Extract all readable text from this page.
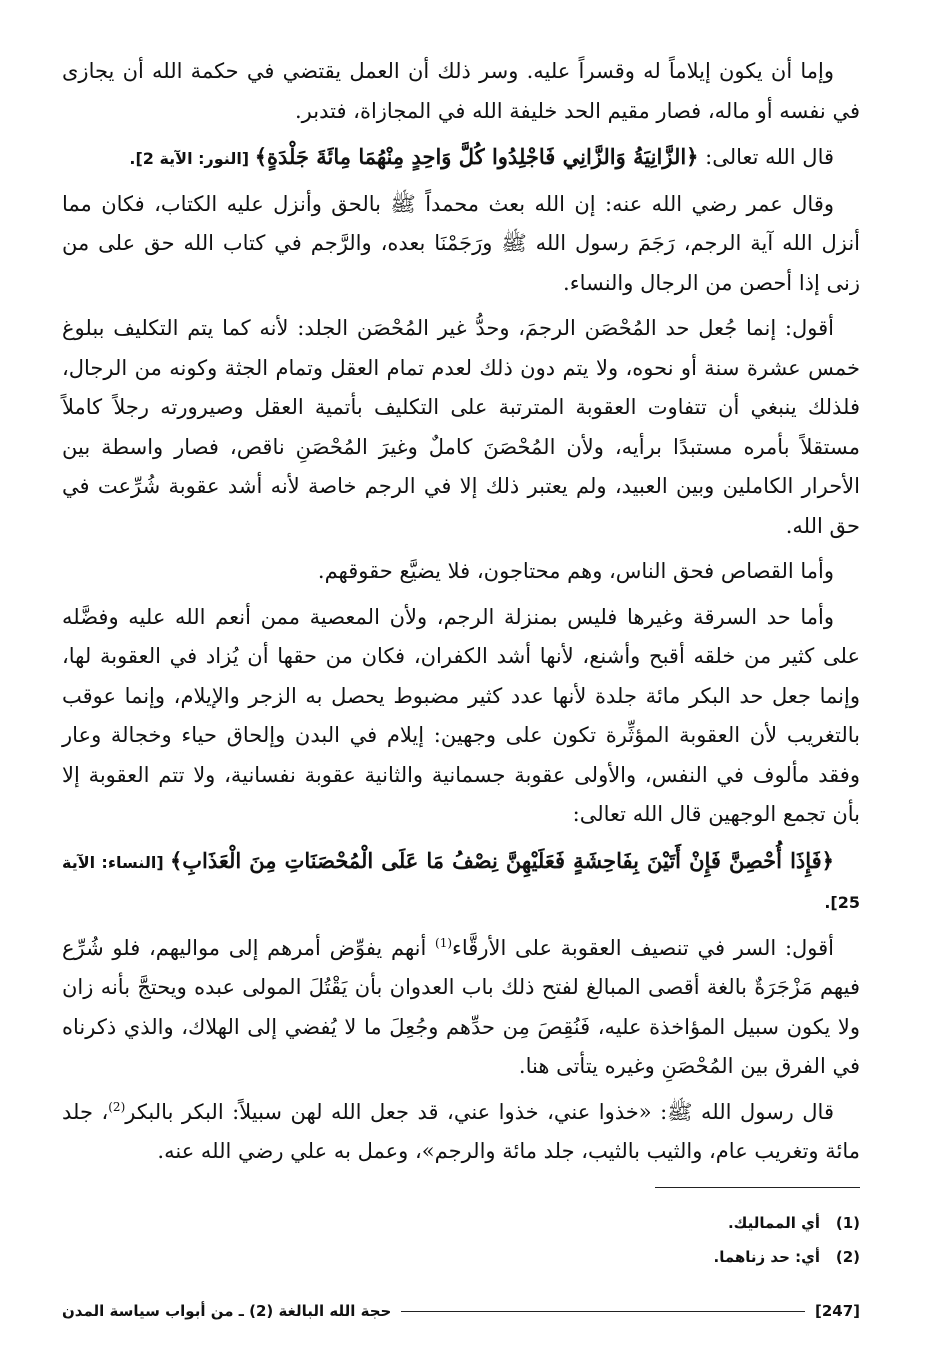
وإما أن يكون إيلاماً له وقسراً عليه. وسر ذلك أن العمل يقتضي في حكمة الله أن يجازى في نفسه أو ماله، فصار مقيم الحد خليفة الله في المجازاة، فتدبر.

قال الله تعالى: ﴿الزَّانِيَةُ وَالزَّانِي فَاجْلِدُوا كُلَّ وَاحِدٍ مِنْهُمَا مِائَةَ جَلْدَةٍ﴾ [النور: الآية 2].

وقال عمر رضي الله عنه: إن الله بعث محمداً ﷺ بالحق وأنزل عليه الكتاب، فكان مما أنزل الله آية الرجم، رَجَمَ رسول الله ﷺ ورَجَمْنَا بعده، والرَّجم في كتاب الله حق على من زنى إذا أحصن من الرجال والنساء.

أقول: إنما جُعل حد المُحْصَن الرجمَ، وحدُّ غير المُحْصَن الجلد: لأنه كما يتم التكليف ببلوغ خمس عشرة سنة أو نحوه، ولا يتم دون ذلك لعدم تمام العقل وتمام الجثة وكونه من الرجال، فلذلك ينبغي أن تتفاوت العقوبة المترتبة على التكليف بأتمية العقل وصيرورته رجلاً كاملاً مستقلاً بأمره مستبدًا برأيه، ولأن المُحْصَنَ كاملٌ وغيرَ المُحْصَنِ ناقص، فصار واسطة بين الأحرار الكاملين وبين العبيد، ولم يعتبر ذلك إلا في الرجم خاصة لأنه أشد عقوبة شُرِّعت في حق الله.

وأما القصاص فحق الناس، وهم محتاجون، فلا يضيَّع حقوقهم.

وأما حد السرقة وغيرها فليس بمنزلة الرجم، ولأن المعصية ممن أنعم الله عليه وفضَّله على كثير من خلقه أقبح وأشنع، لأنها أشد الكفران، فكان من حقها أن يُزاد في العقوبة لها، وإنما جعل حد البكر مائة جلدة لأنها عدد كثير مضبوط يحصل به الزجر والإيلام، وإنما عوقب بالتغريب لأن العقوبة المؤثِّرة تكون على وجهين: إيلام في البدن وإلحاق حياء وخجالة وعار وفقد مألوف في النفس، والأولى عقوبة جسمانية والثانية عقوبة نفسانية، ولا تتم العقوبة إلا بأن تجمع الوجهين قال الله تعالى:

﴿فَإِذَا أُحْصِنَّ فَإِنْ أَتَيْنَ بِفَاحِشَةٍ فَعَلَيْهِنَّ نِصْفُ مَا عَلَى الْمُحْصَنَاتِ مِنَ الْعَذَابِ﴾ [النساء: الآية 25].

أقول: السر في تنصيف العقوبة على الأرقَّاء$^{(1)}$ أنهم يفوِّض أمرهم إلى مواليهم، فلو شُرِّع فيهم مَزْجَرَةٌ بالغة أقصى المبالغ لفتح ذلك باب العدوان بأن يَقْتُلَ المولى عبده ويحتجَّ بأنه زان ولا يكون سبيل المؤاخذة عليه، فَنُقِصَ مِن حدِّهم وجُعِلَ ما لا يُفضي إلى الهلاك، والذي ذكرناه في الفرق بين المُحْصَنِ وغيره يتأتى هنا.

قال رسول الله ﷺ: «خذوا عني، خذوا عني، قد جعل الله لهن سبيلاً: البكر بالبكر$^{(2)}$، جلد مائة وتغريب عام، والثيب بالثيب، جلد مائة والرجم»، وعمل به علي رضي الله عنه.

(1)
أي المماليك.
(2)
أي: حد زناهما.
[247]
حجة الله البالغة (2) ـ من أبواب سياسة المدن
